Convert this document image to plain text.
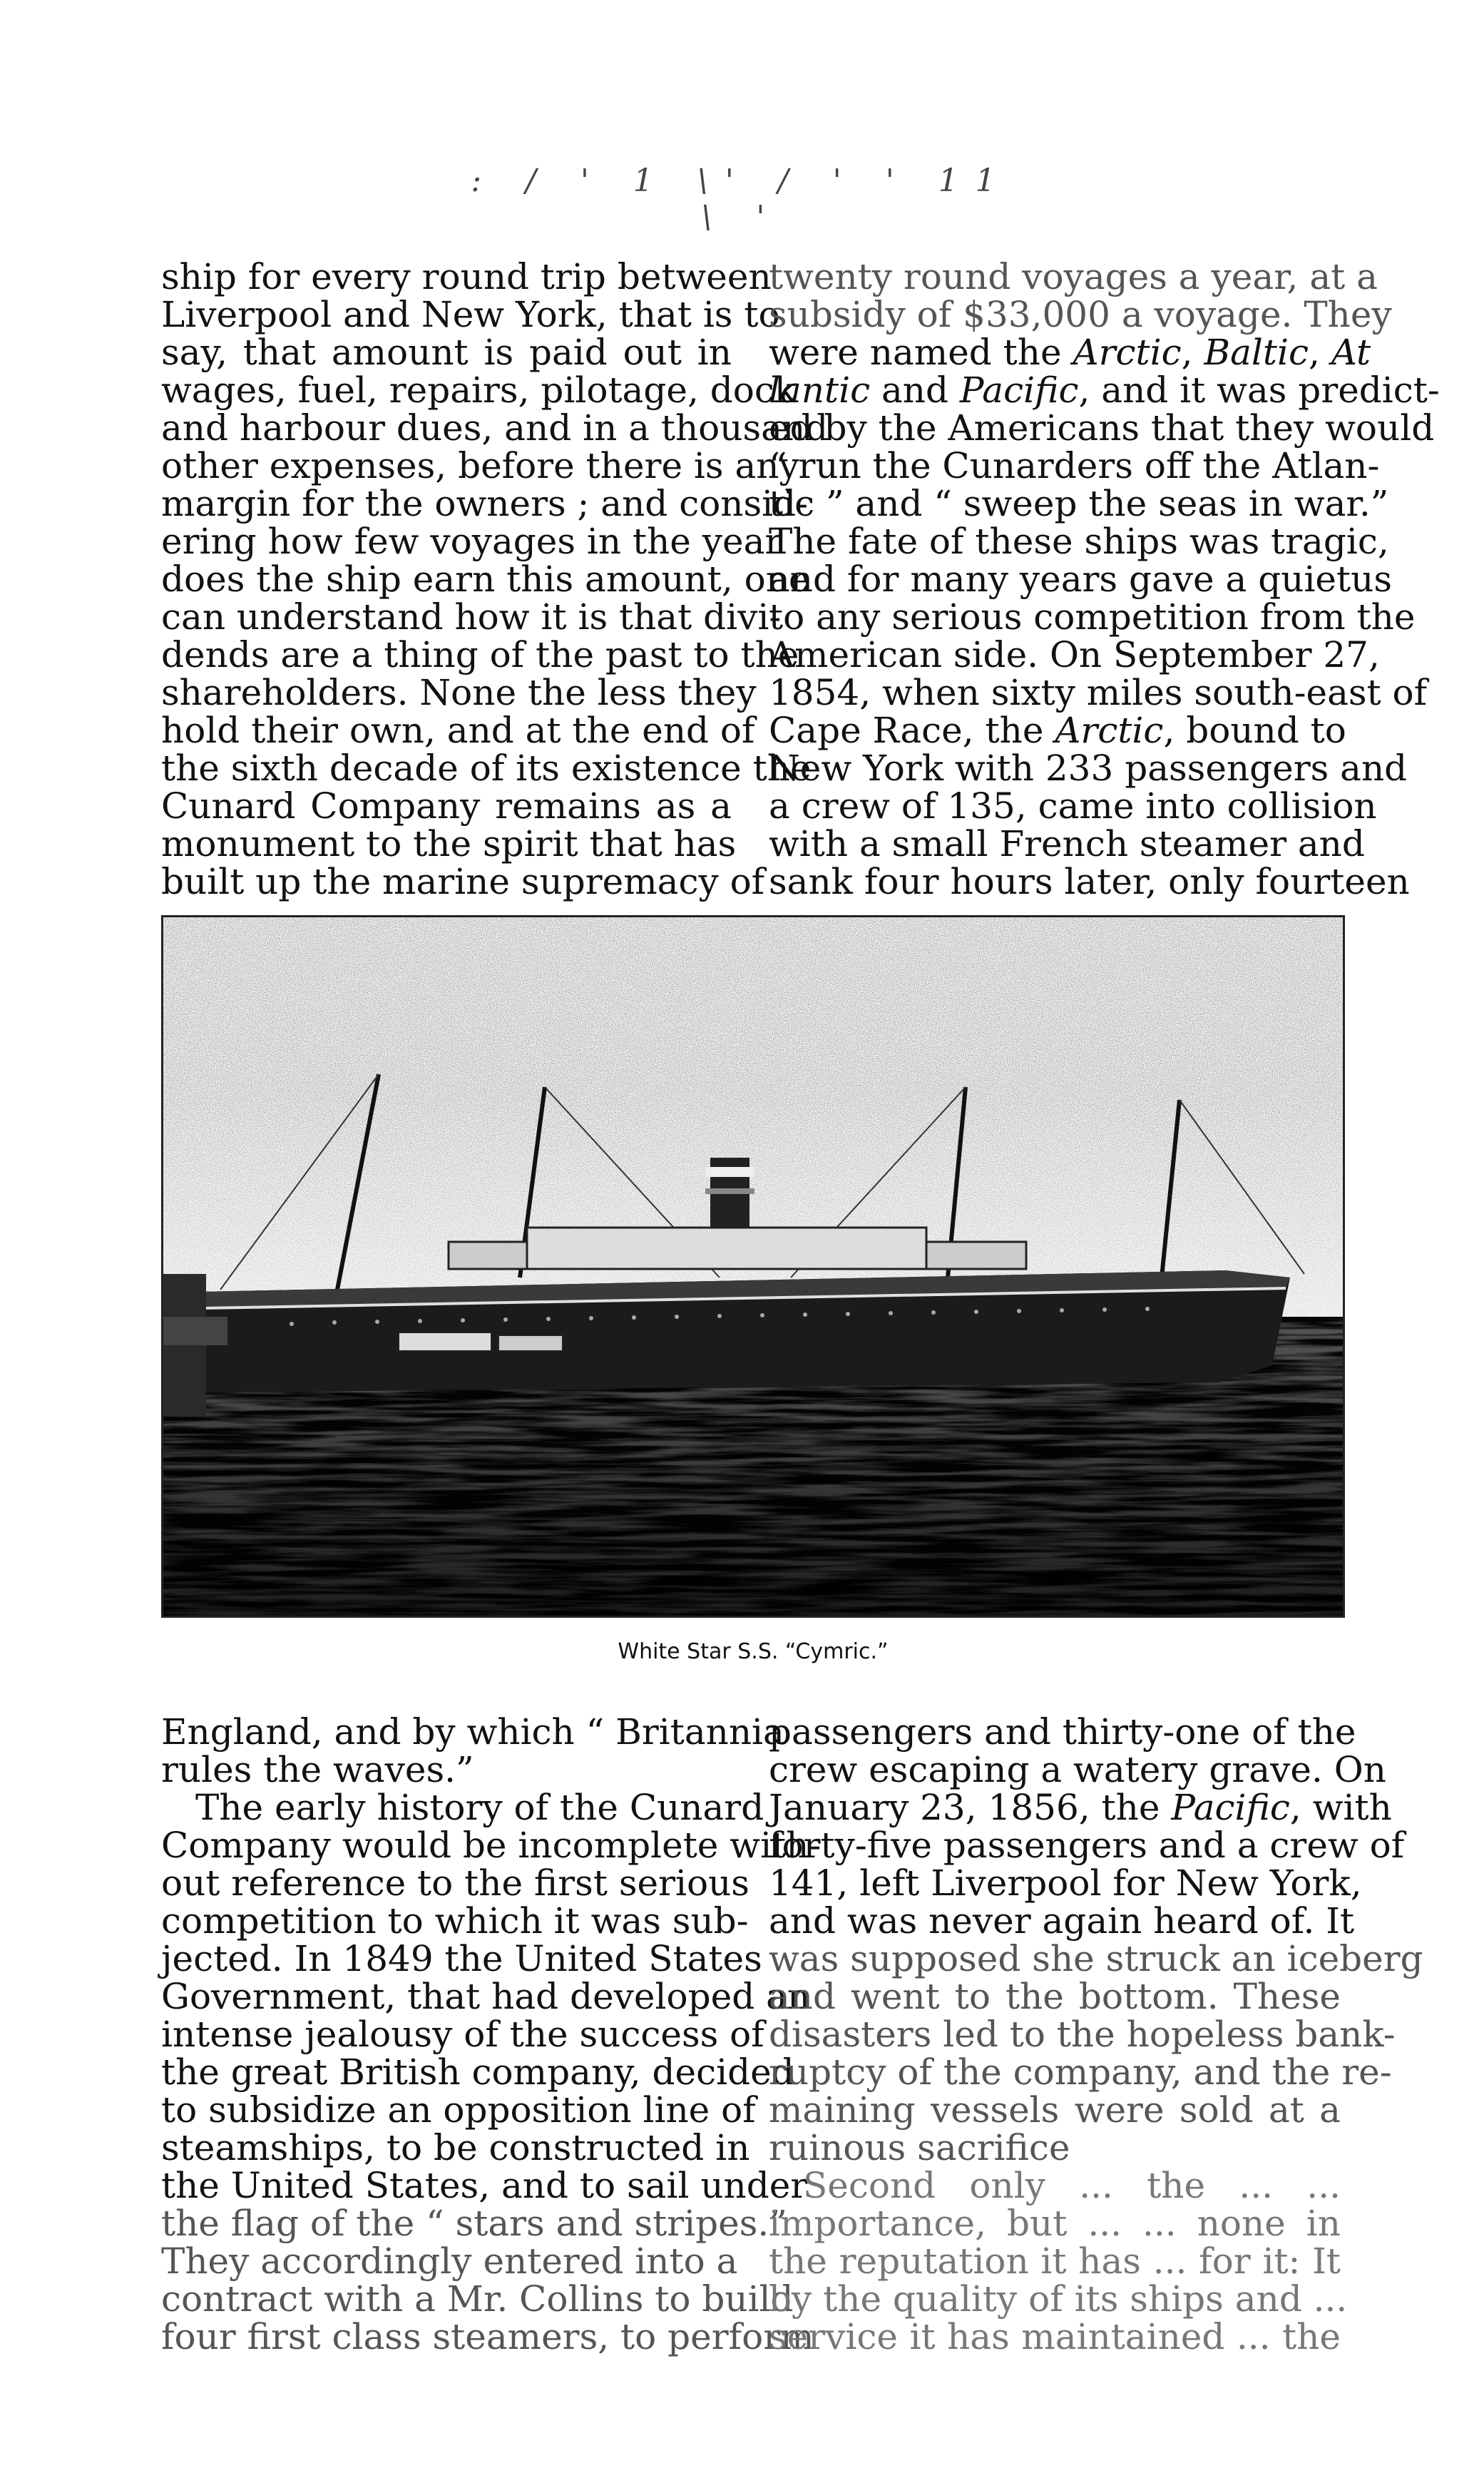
: / ' 1 \' / ' ' 11 \ '
ship for every round trip between
Liverpool and New York, that is to
say, that amount is paid out in
wages, fuel, repairs, pilotage, dock
and harbour dues, and in a thousand
other expenses, before there is any
margin for the owners ; and consid-
ering how few voyages in the year
does the ship earn this amount, one
can understand how it is that divi-
dends are a thing of the past to the
shareholders. None the less they
hold their own, and at the end of
the sixth decade of its existence the
Cunard Company remains as a
monument to the spirit that has
built up the marine supremacy of
twenty round voyages a year, at a
subsidy of $33,000 a voyage. They
were named the Arctic, Baltic, At
lantic and Pacific, and it was predict-
ed by the Americans that they would
“ run the Cunarders off the Atlan-
tic ” and “ sweep the seas in war.”
The fate of these ships was tragic,
and for many years gave a quietus
to any serious competition from the
American side. On September 27,
1854, when sixty miles south-east of
Cape Race, the Arctic, bound to
New York with 233 passengers and
a crew of 135, came into collision
with a small French steamer and
sank four hours later, only fourteen
White Star S.S. “Cymric.”
England, and by which “ Britannia
rules the waves.”
The early history of the Cunard
Company would be incomplete with-
out reference to the first serious
competition to which it was sub-
jected. In 1849 the United States
Government, that had developed an
intense jealousy of the success of
the great British company, decided
to subsidize an opposition line of
steamships, to be constructed in
the United States, and to sail under
the flag of the “ stars and stripes.”
They accordingly entered into a
contract with a Mr. Collins to build
four first class steamers, to perform
passengers and thirty-one of the
crew escaping a watery grave. On
January 23, 1856, the Pacific, with
forty-five passengers and a crew of
141, left Liverpool for New York,
and was never again heard of. It
was supposed she struck an iceberg
and went to the bottom. These
disasters led to the hopeless bank-
ruptcy of the company, and the re-
maining vessels were sold at a
ruinous sacrifice
Second only ... the ... ...
importance, but ... ... none in
the reputation it has ... for it: It
by the quality of its ships and ...
service it has maintained ... the
